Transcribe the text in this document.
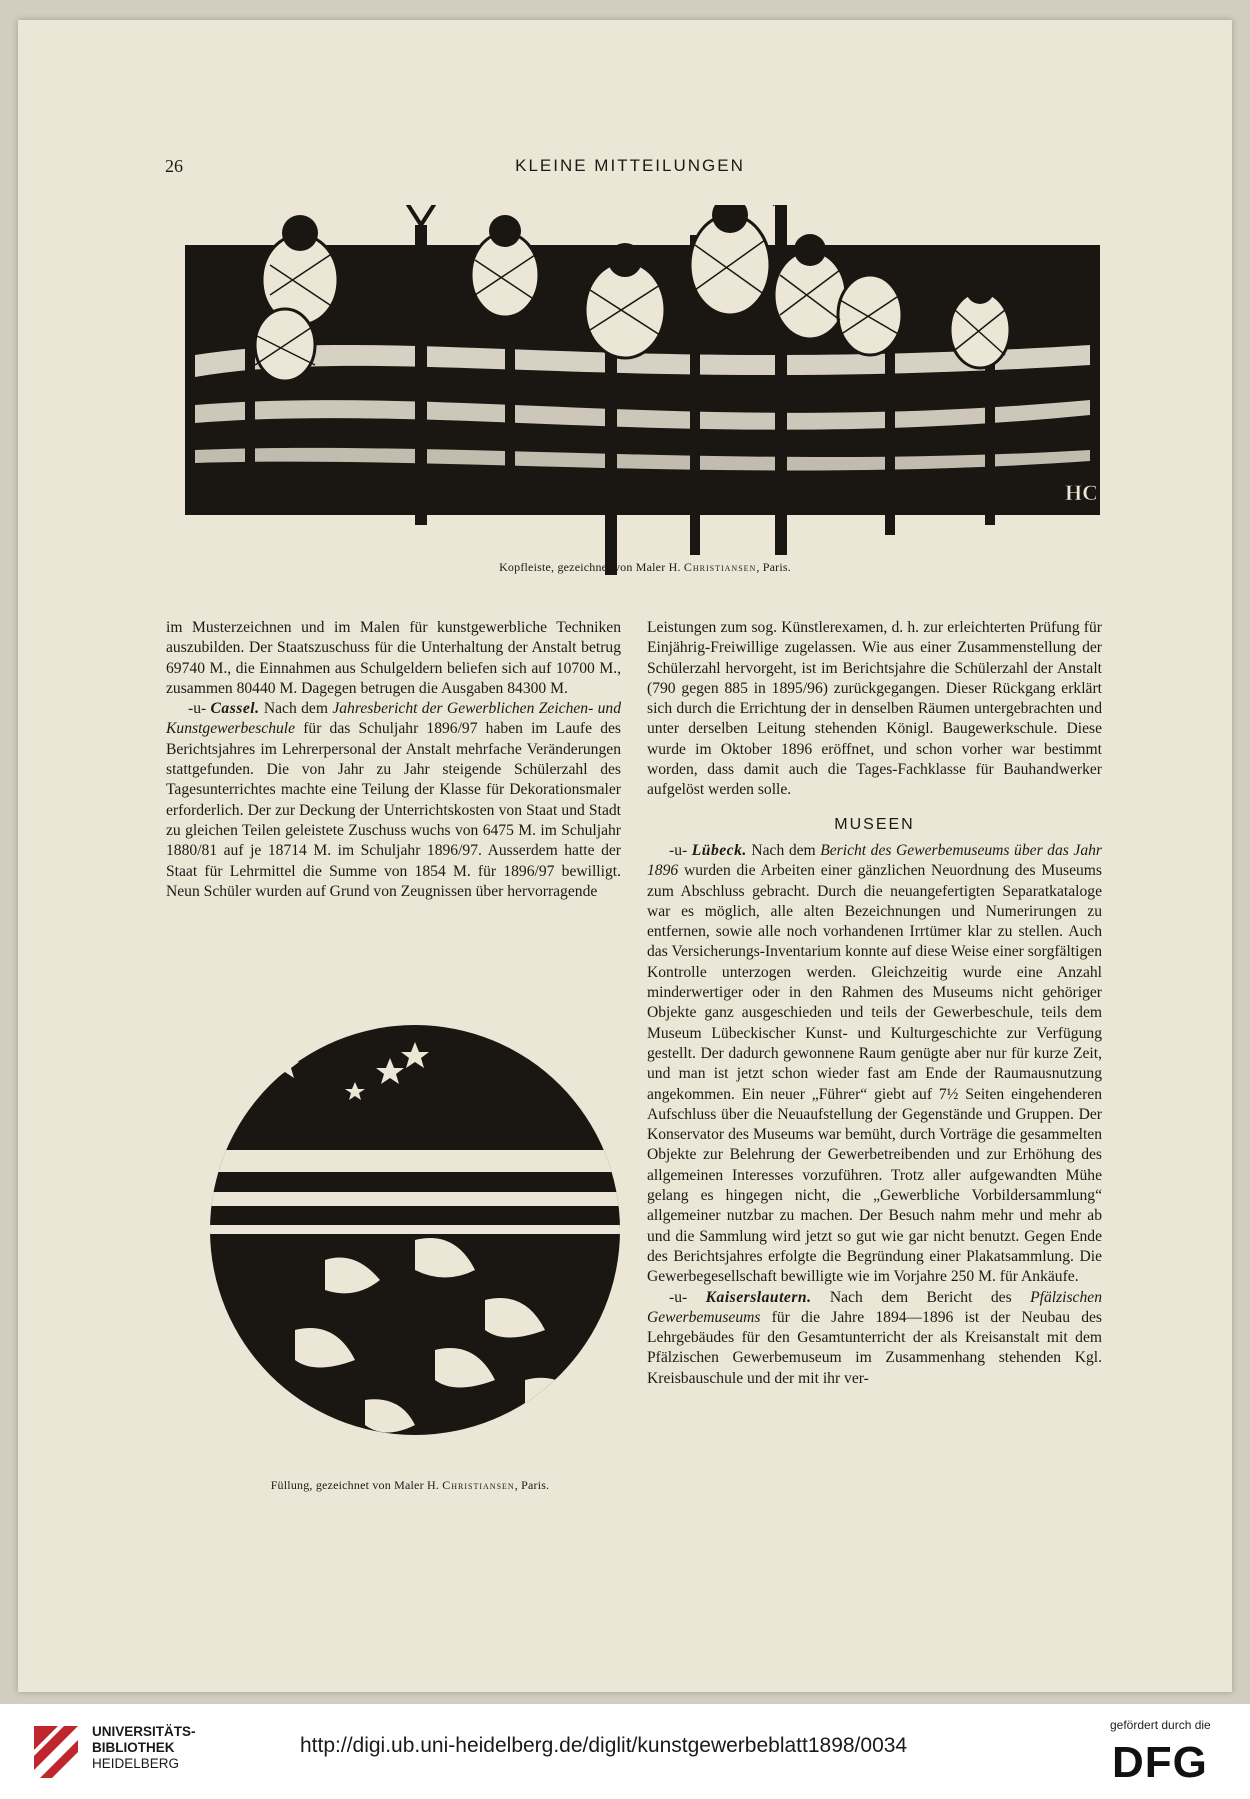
26	KLEINE MITTEILUNGEN
HC
Kopfleiste, gezeichnet von Maler H. Christiansen, Paris.

im Musterzeichnen und im Malen für kunstgewerbliche Techniken auszubilden. Der Staatszuschuss für die Unterhaltung der Anstalt betrug 69740 M., die Einnahmen aus Schulgeldern beliefen sich auf 10700 M., zusammen 80440 M. Dagegen betrugen die Ausgaben 84300 M.

-u- Cassel. Nach dem Jahresbericht der Gewerblichen Zeichen- und Kunstgewerbeschule für das Schuljahr 1896/97 haben im Laufe des Berichtsjahres im Lehrerpersonal der Anstalt mehrfache Veränderungen stattgefunden. Die von Jahr zu Jahr steigende Schülerzahl des Tagesunterrichtes machte eine Teilung der Klasse für Dekorationsmaler erforderlich. Der zur Deckung der Unterrichtskosten von Staat und Stadt zu gleichen Teilen geleistete Zuschuss wuchs von 6475 M. im Schuljahr 1880/81 auf je 18714 M. im Schuljahr 1896/97. Ausserdem hatte der Staat für Lehrmittel die Summe von 1854 M. für 1896/97 bewilligt. Neun Schüler wurden auf Grund von Zeugnissen über hervorragende

Füllung, gezeichnet von Maler H. Christiansen, Paris.

Leistungen zum sog. Künstlerexamen, d. h. zur erleichterten Prüfung für Einjährig-Freiwillige zugelassen. Wie aus einer Zusammenstellung der Schülerzahl hervorgeht, ist im Berichtsjahre die Schülerzahl der Anstalt (790 gegen 885 in 1895/96) zurückgegangen. Dieser Rückgang erklärt sich durch die Errichtung der in denselben Räumen untergebrachten und unter derselben Leitung stehenden Königl. Baugewerkschule. Diese wurde im Oktober 1896 eröffnet, und schon vorher war bestimmt worden, dass damit auch die Tages-Fachklasse für Bauhandwerker aufgelöst werden solle.

MUSEEN

-u- Lübeck. Nach dem Bericht des Gewerbemuseums über das Jahr 1896 wurden die Arbeiten einer gänzlichen Neuordnung des Museums zum Abschluss gebracht. Durch die neuangefertigten Separatkataloge war es möglich, alle alten Bezeichnungen und Numerirungen zu entfernen, sowie alle noch vorhandenen Irrtümer klar zu stellen. Auch das Versicherungs-Inventarium konnte auf diese Weise einer sorgfältigen Kontrolle unterzogen werden. Gleichzeitig wurde eine Anzahl minderwertiger oder in den Rahmen des Museums nicht gehöriger Objekte ganz ausgeschieden und teils der Gewerbeschule, teils dem Museum Lübeckischer Kunst- und Kulturgeschichte zur Verfügung gestellt. Der dadurch gewonnene Raum genügte aber nur für kurze Zeit, und man ist jetzt schon wieder fast am Ende der Raumausnutzung angekommen. Ein neuer „Führer“ giebt auf 7½ Seiten eingehenderen Aufschluss über die Neuaufstellung der Gegenstände und Gruppen. Der Konservator des Museums war bemüht, durch Vorträge die gesammelten Objekte zur Belehrung der Gewerbetreibenden und zur Erhöhung des allgemeinen Interesses vorzuführen. Trotz aller aufgewandten Mühe gelang es hingegen nicht, die „Gewerbliche Vorbildersammlung“ allgemeiner nutzbar zu machen. Der Besuch nahm mehr und mehr ab und die Sammlung wird jetzt so gut wie gar nicht benutzt. Gegen Ende des Berichtsjahres erfolgte die Begründung einer Plakatsammlung. Die Gewerbegesellschaft bewilligte wie im Vorjahre 250 M. für Ankäufe.

-u- Kaiserslautern. Nach dem Bericht des Pfälzischen Gewerbemuseums für die Jahre 1894—1896 ist der Neubau des Lehrgebäudes für den Gesamtunterricht der als Kreisanstalt mit dem Pfälzischen Gewerbemuseum im Zusammenhang stehenden Kgl. Kreisbauschule und der mit ihr ver-

UNIVERSITÄTS-
BIBLIOTHEK
HEIDELBERG
http://digi.ub.uni-heidelberg.de/diglit/kunstgewerbeblatt1898/0034
gefördert durch die
DFG
